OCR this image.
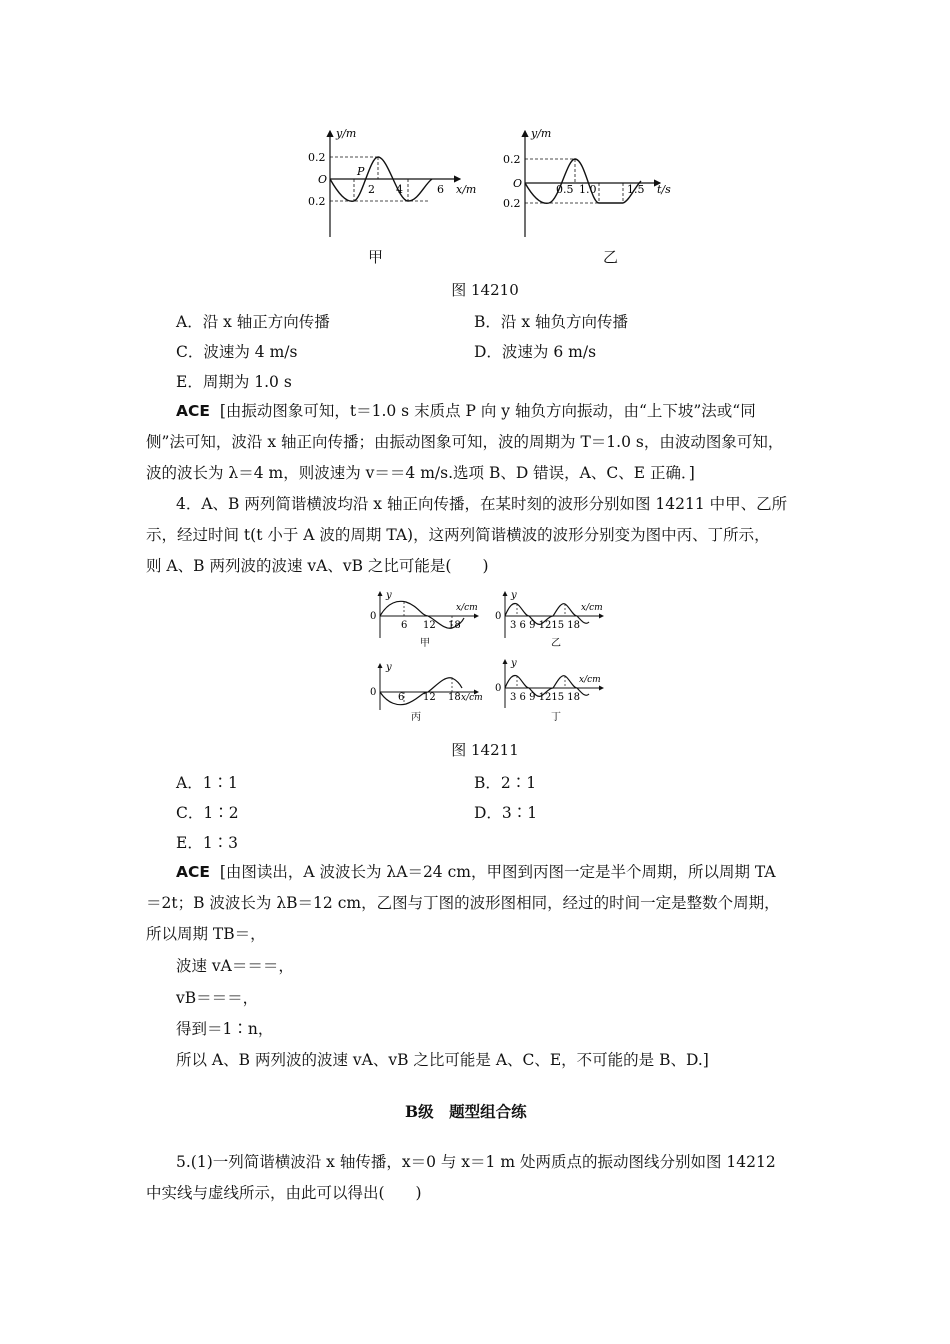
y/m
0.2
0.2
O
P
2 4	6 x/m
y/m
0.2
0.2
O	0.5 1.0	1.5 t/s
甲	乙
图 14210
A．沿 x 轴正方向传播	B．沿 x 轴负方向传播
C．波速为 4 m/s	D．波速为 6 m/s
E．周期为 1.0 s
ACE [由振动图象可知，t＝1.0 s 末质点 P 向 y 轴负方向振动，由“上下坡”法或“同
侧”法可知，波沿 x 轴正向传播；由振动图象可知，波的周期为 T＝1.0 s，由波动图象可知，
波的波长为 λ＝4 m，则波速为 v＝＝4 m/s.选项 B、D 错误，A、C、E 正确．]
4．A、B 两列简谐横波均沿 x 轴正向传播，在某时刻的波形分别如图 14211 中甲、乙所
示，经过时间 t(t 小于 A 波的周期 TA)，这两列简谐横波的波形分别变为图中丙、丁所示，
则 A、B 两列波的波速 vA、vB 之比可能是(　　)
y
0
6 12 18
x/cm
甲
y
0
3 6 9 1215 18
x/cm
乙
y
0 6 12 18 x/cm
丙
y
0
3 6 9 1215 18
x/cm
丁
图 14211
A．1∶1	B．2∶1
C．1∶2	D．3∶1
E．1∶3
ACE [由图读出，A 波波长为 λA＝24 cm，甲图到丙图一定是半个周期，所以周期 TA
＝2t；B 波波长为 λB＝12 cm，乙图与丁图的波形图相同，经过的时间一定是整数个周期，
所以周期 TB＝，
波速 vA＝＝＝，
vB＝＝＝，
得到＝1∶n，
所以 A、B 两列波的波速 vA、vB 之比可能是 A、C、E，不可能的是 B、D.]
B级　题型组合练
5.(1)一列简谐横波沿 x 轴传播，x＝0 与 x＝1 m 处两质点的振动图线分别如图 14212
中实线与虚线所示，由此可以得出(　　)
